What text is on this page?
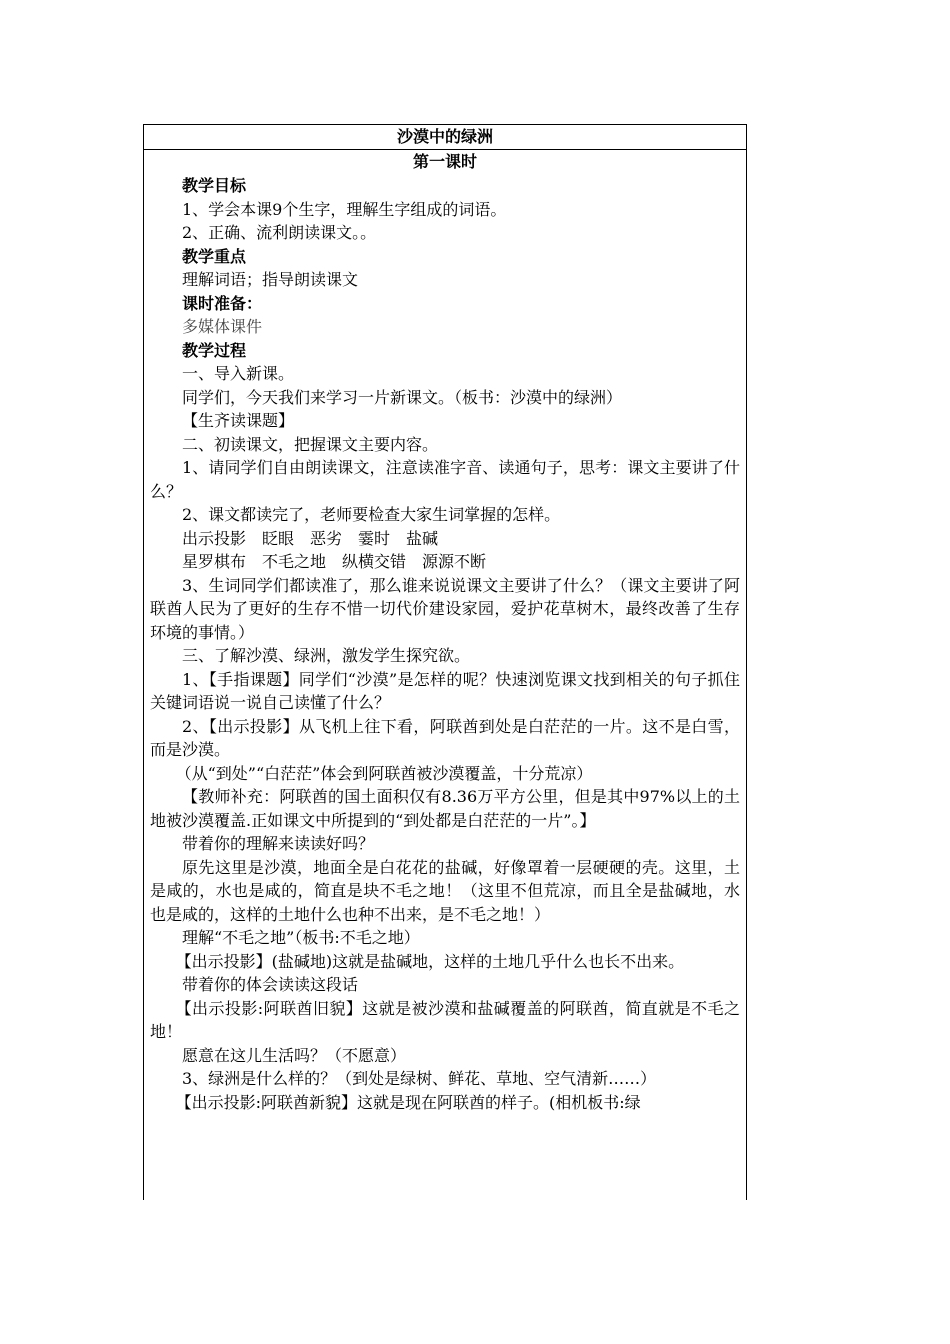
沙漠中的绿洲
第一课时

教学目标

1、学会本课9个生字，理解生字组成的词语。

2、正确、流利朗读课文。。

教学重点

理解词语；指导朗读课文

课时准备：

多媒体课件

教学过程

一、导入新课。

同学们，今天我们来学习一片新课文。（板书：沙漠中的绿洲）

【生齐读课题】

二、初读课文，把握课文主要内容。

1、请同学们自由朗读课文，注意读准字音、读通句子，思考：课文主要讲了什么？

2、课文都读完了，老师要检查大家生词掌握的怎样。

出示投影　眨眼　恶劣　霎时　盐碱

星罗棋布　不毛之地　纵横交错　源源不断

3、生词同学们都读准了，那么谁来说说课文主要讲了什么？（课文主要讲了阿联酋人民为了更好的生存不惜一切代价建设家园，爱护花草树木，最终改善了生存环境的事情。）

三、了解沙漠、绿洲，激发学生探究欲。

1、【手指课题】同学们“沙漠”是怎样的呢？快速浏览课文找到相关的句子抓住关键词语说一说自己读懂了什么？

2、【出示投影】从飞机上往下看，阿联酋到处是白茫茫的一片。这不是白雪，而是沙漠。

（从“到处”“白茫茫”体会到阿联酋被沙漠覆盖，十分荒凉）

【教师补充：阿联酋的国土面积仅有8.36万平方公里，但是其中97%以上的土地被沙漠覆盖.正如课文中所提到的“到处都是白茫茫的一片”。】

带着你的理解来读读好吗？

原先这里是沙漠，地面全是白花花的盐碱，好像罩着一层硬硬的壳。这里，土是咸的，水也是咸的，简直是块不毛之地！（这里不但荒凉，而且全是盐碱地，水也是咸的，这样的土地什么也种不出来，是不毛之地！）

理解“不毛之地”（板书:不毛之地）

【出示投影】(盐碱地)这就是盐碱地，这样的土地几乎什么也长不出来。

带着你的体会读读这段话

【出示投影:阿联酋旧貌】这就是被沙漠和盐碱覆盖的阿联酋，简直就是不毛之地！

愿意在这儿生活吗？（不愿意）

3、绿洲是什么样的？（到处是绿树、鲜花、草地、空气清新……）

【出示投影:阿联酋新貌】这就是现在阿联酋的样子。(相机板书:绿
